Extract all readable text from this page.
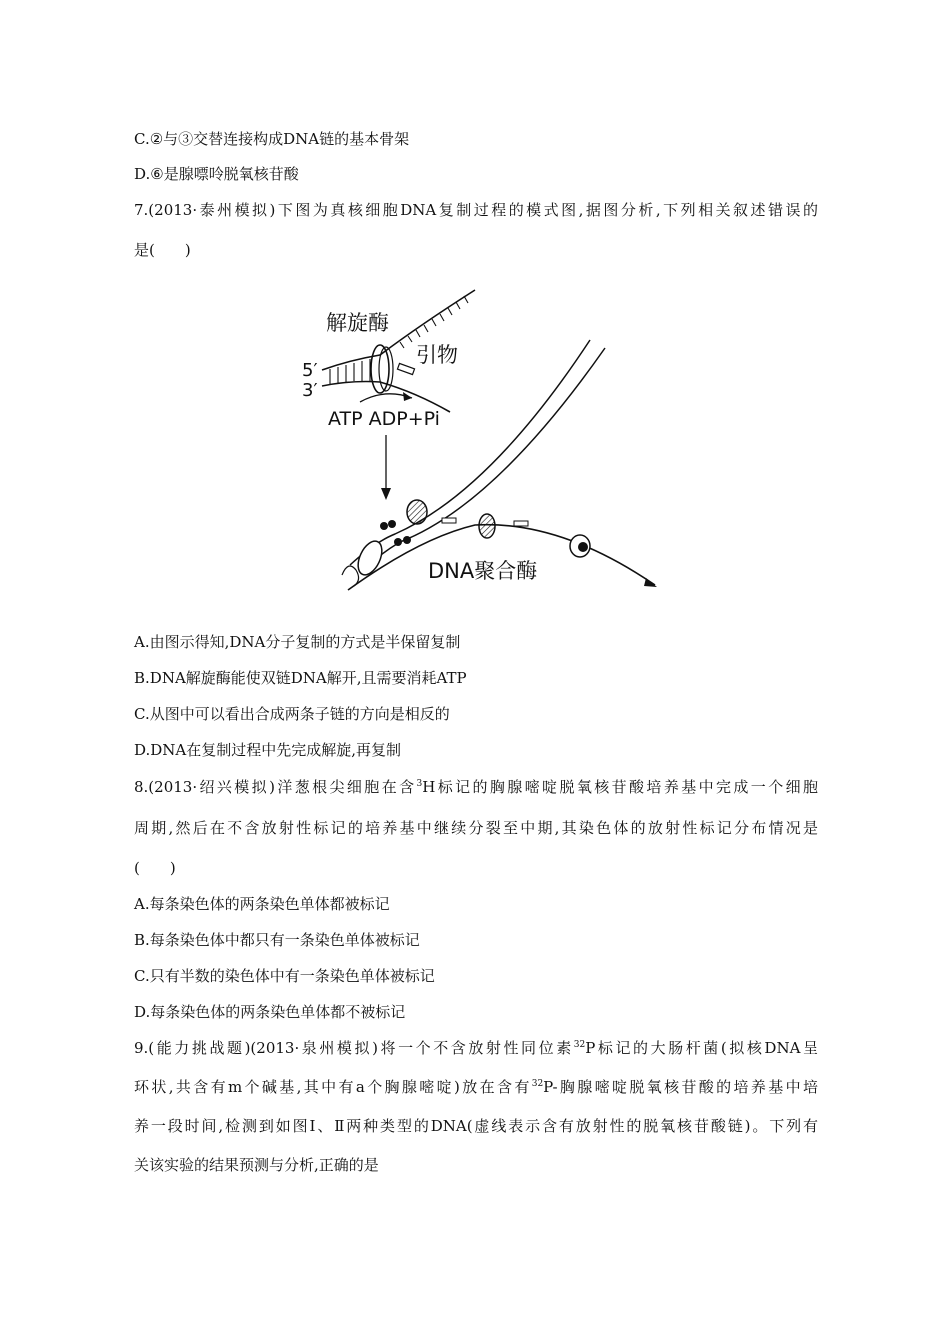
C.②与③交替连接构成DNA链的基本骨架
D.⑥是腺嘌呤脱氧核苷酸
7.(2013·泰州模拟)下图为真核细胞DNA复制过程的模式图,据图分析,下列相关叙述错误的
是(　　)
解旋酶
引物
5′
3′
ATP ADP+Pi
DNA聚合酶
A.由图示得知,DNA分子复制的方式是半保留复制
B.DNA解旋酶能使双链DNA解开,且需要消耗ATP
C.从图中可以看出合成两条子链的方向是相反的
D.DNA在复制过程中先完成解旋,再复制
8.(2013·绍兴模拟)洋葱根尖细胞在含$^3$H标记的胸腺嘧啶脱氧核苷酸培养基中完成一个细胞
周期,然后在不含放射性标记的培养基中继续分裂至中期,其染色体的放射性标记分布情况是
(　　)
A.每条染色体的两条染色单体都被标记
B.每条染色体中都只有一条染色单体被标记
C.只有半数的染色体中有一条染色单体被标记
D.每条染色体的两条染色单体都不被标记
9.(能力挑战题)(2013·泉州模拟)将一个不含放射性同位素$^{32}$P标记的大肠杆菌(拟核DNA呈
环状,共含有m个碱基,其中有a个胸腺嘧啶)放在含有$^{32}$P-胸腺嘧啶脱氧核苷酸的培养基中培
养一段时间,检测到如图Ⅰ、Ⅱ两种类型的DNA(虚线表示含有放射性的脱氧核苷酸链)。下列有
关该实验的结果预测与分析,正确的是
